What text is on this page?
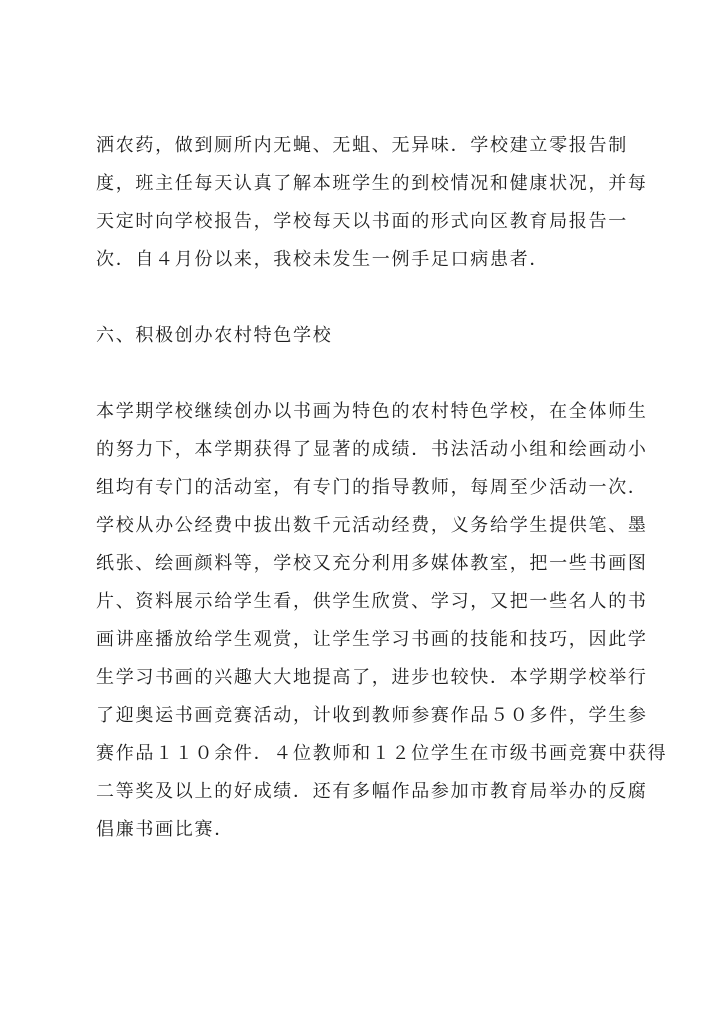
洒农药，做到厕所内无蝇、无蛆、无异味．学校建立零报告制
度，班主任每天认真了解本班学生的到校情况和健康状况，并每
天定时向学校报告，学校每天以书面的形式向区教育局报告一
次．自４月份以来，我校未发生一例手足口病患者．
六、积极创办农村特色学校
本学期学校继续创办以书画为特色的农村特色学校，在全体师生
的努力下，本学期获得了显著的成绩．书法活动小组和绘画动小
组均有专门的活动室，有专门的指导教师，每周至少活动一次．
学校从办公经费中拔出数千元活动经费，义务给学生提供笔、墨
纸张、绘画颜料等，学校又充分利用多媒体教室，把一些书画图
片、资料展示给学生看，供学生欣赏、学习，又把一些名人的书
画讲座播放给学生观赏，让学生学习书画的技能和技巧，因此学
生学习书画的兴趣大大地提高了，进步也较快．本学期学校举行
了迎奥运书画竞赛活动，计收到教师参赛作品５０多件，学生参
赛作品１１０余件．４位教师和１２位学生在市级书画竞赛中获得
二等奖及以上的好成绩．还有多幅作品参加市教育局举办的反腐
倡廉书画比赛．
